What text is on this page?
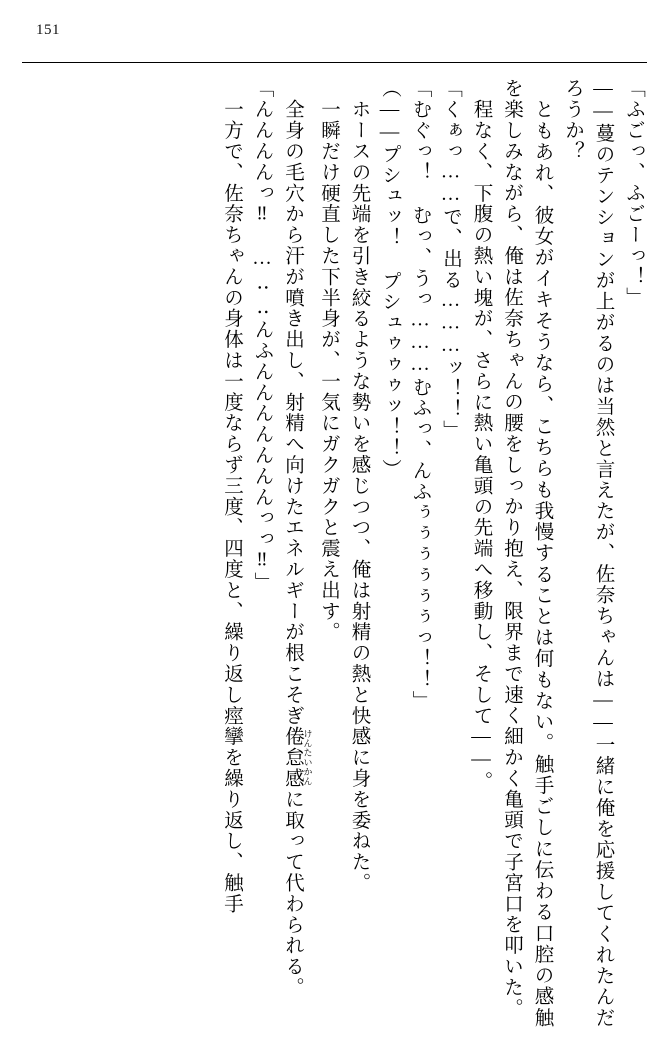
151

「ふごっ、ふごーっ！」

――蔓のテンションが上がるのは当然と言えたが、佐奈ちゃんは――一緒に俺を応援してくれたんだろうか？

ともあれ、彼女がイキそうなら、こちらも我慢することは何もない。触手ごしに伝わる口腔の感触を楽しみながら、俺は佐奈ちゃんの腰をしっかり抱え、限界まで速く細かく亀頭で子宮口を叩いた。

程なく、下腹の熱い塊が、さらに熱い亀頭の先端へ移動し、そして――。

「くぁっ……で、出る………ッ！！」

「むぐっ！ むっ、うっ………むふっ、んふぅぅぅぅぅぅっ！！」

（――プシュッ！ プシュゥゥゥッ！！）

ホースの先端を引き絞るような勢いを感じつつ、俺は射精の熱と快感に身を委ねた。

一瞬だけ硬直した下半身が、一気にガクガクと震え出す。

全身の毛穴から汗が噴き出し、射精へ向けたエネルギーが根こそぎ倦怠感 けんたいかんに取って代わられる。

「んんんんっ‼ …‥‥んふんんんんんんんっっ‼」

一方で、佐奈ちゃんの身体は一度ならず三度、四度と、繰り返し痙攣を繰り返し、触手
